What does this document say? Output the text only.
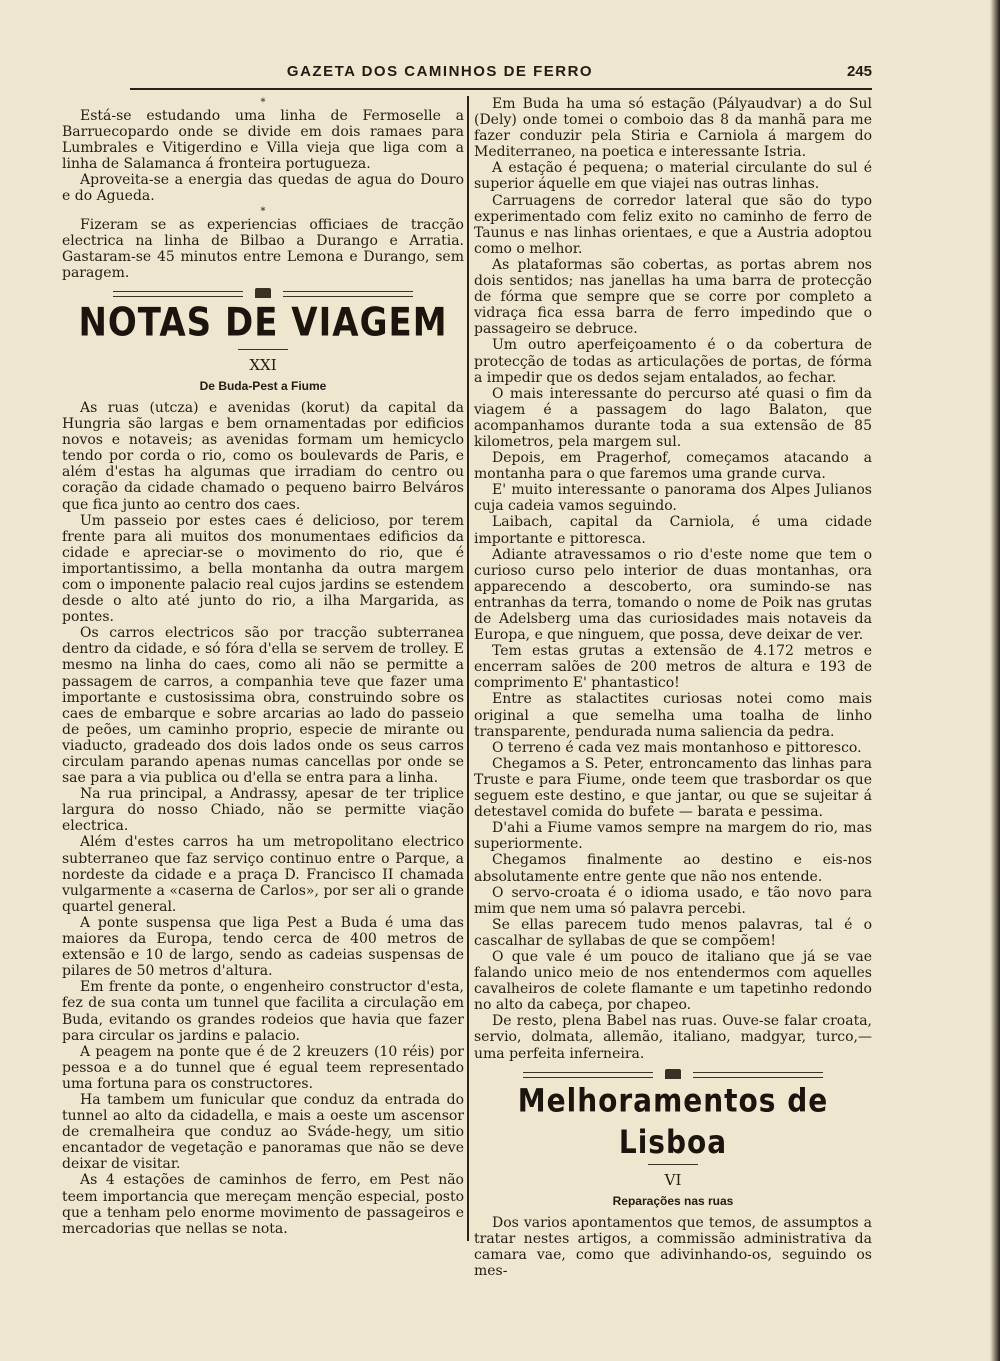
GAZETA DOS CAMINHOS DE FERRO	245
*

Está-se estudando uma linha de Fermoselle a Barruecopardo onde se divide em dois ramaes para Lumbrales e Vitigerdino e Villa vieja que liga com a linha de Salamanca á fronteira portugueza.

Aproveita-se a energia das quedas de agua do Douro e do Agueda.

*

Fizeram se as experiencias officiaes de tracção electrica na linha de Bilbao a Durango e Arratia. Gastaram-se 45 minutos entre Lemona e Durango, sem paragem.

NOTAS DE VIAGEM
XXI
De Buda-Pest a Fiume

As ruas (utcza) e avenidas (korut) da capital da Hungria são largas e bem ornamentadas por edificios novos e notaveis; as avenidas formam um hemicyclo tendo por corda o rio, como os boulevards de Paris, e além d'estas ha algumas que irradiam do centro ou coração da cidade chamado o pequeno bairro Belváros que fica junto ao centro dos caes.

Um passeio por estes caes é delicioso, por terem frente para ali muitos dos monumentaes edificios da cidade e apreciar-se o movimento do rio, que é importantissimo, a bella montanha da outra margem com o imponente palacio real cujos jardins se estendem desde o alto até junto do rio, a ilha Margarida, as pontes.

Os carros electricos são por tracção subterranea dentro da cidade, e só fóra d'ella se servem de trolley. E mesmo na linha do caes, como ali não se permitte a passagem de carros, a companhia teve que fazer uma importante e custosissima obra, construindo sobre os caes de embarque e sobre arcarias ao lado do passeio de peões, um caminho proprio, especie de mirante ou viaducto, gradeado dos dois lados onde os seus carros circulam parando apenas numas cancellas por onde se sae para a via publica ou d'ella se entra para a linha.

Na rua principal, a Andrassy, apesar de ter triplice largura do nosso Chiado, não se permitte viação electrica.

Além d'estes carros ha um metropolitano electrico subterraneo que faz serviço continuo entre o Parque, a nordeste da cidade e a praça D. Francisco II chamada vulgarmente a «caserna de Carlos», por ser ali o grande quartel general.

A ponte suspensa que liga Pest a Buda é uma das maiores da Europa, tendo cerca de 400 metros de extensão e 10 de largo, sendo as cadeias suspensas de pilares de 50 metros d'altura.

Em frente da ponte, o engenheiro constructor d'esta, fez de sua conta um tunnel que facilita a circulação em Buda, evitando os grandes rodeios que havia que fazer para circular os jardins e palacio.

A peagem na ponte que é de 2 kreuzers (10 réis) por pessoa e a do tunnel que é egual teem representado uma fortuna para os constructores.

Ha tambem um funicular que conduz da entrada do tunnel ao alto da cidadella, e mais a oeste um ascensor de cremalheira que conduz ao Sváde-hegy, um sitio encantador de vegetação e panoramas que não se deve deixar de visitar.

As 4 estações de caminhos de ferro, em Pest não teem importancia que mereçam menção especial, posto que a tenham pelo enorme movimento de passageiros e mercadorias que nellas se nota.

Em Buda ha uma só estação (Pályaudvar) a do Sul (Dely) onde tomei o comboio das 8 da manhã para me fazer conduzir pela Stiria e Carniola á margem do Mediterraneo, na poetica e interessante Istria.

A estação é pequena; o material circulante do sul é superior áquelle em que viajei nas outras linhas.

Carruagens de corredor lateral que são do typo experimentado com feliz exito no caminho de ferro de Taunus e nas linhas orientaes, e que a Austria adoptou como o melhor.

As plataformas são cobertas, as portas abrem nos dois sentidos; nas janellas ha uma barra de protecção de fórma que sempre que se corre por completo a vidraça fica essa barra de ferro impedindo que o passageiro se debruce.

Um outro aperfeiçoamento é o da cobertura de protecção de todas as articulações de portas, de fórma a impedir que os dedos sejam entalados, ao fechar.

O mais interessante do percurso até quasi o fim da viagem é a passagem do lago Balaton, que acompanhamos durante toda a sua extensão de 85 kilometros, pela margem sul.

Depois, em Pragerhof, começamos atacando a montanha para o que faremos uma grande curva.

E' muito interessante o panorama dos Alpes Julianos cuja cadeia vamos seguindo.

Laibach, capital da Carniola, é uma cidade importante e pittoresca.

Adiante atravessamos o rio d'este nome que tem o curioso curso pelo interior de duas montanhas, ora apparecendo a descoberto, ora sumindo-se nas entranhas da terra, tomando o nome de Poik nas grutas de Adelsberg uma das curiosidades mais notaveis da Europa, e que ninguem, que possa, deve deixar de ver.

Tem estas grutas a extensão de 4.172 metros e encerram salões de 200 metros de altura e 193 de comprimento E' phantastico!

Entre as stalactites curiosas notei como mais original a que semelha uma toalha de linho transparente, pendurada numa saliencia da pedra.

O terreno é cada vez mais montanhoso e pittoresco.

Chegamos a S. Peter, entroncamento das linhas para Truste e para Fiume, onde teem que trasbordar os que seguem este destino, e que jantar, ou que se sujeitar á detestavel comida do bufete — barata e pessima.

D'ahi a Fiume vamos sempre na margem do rio, mas superiormente.

Chegamos finalmente ao destino e eis-nos absolutamente entre gente que não nos entende.

O servo-croata é o idioma usado, e tão novo para mim que nem uma só palavra percebi.

Se ellas parecem tudo menos palavras, tal é o cascalhar de syllabas de que se compõem!

O que vale é um pouco de italiano que já se vae falando unico meio de nos entendermos com aquelles cavalheiros de colete flamante e um tapetinho redondo no alto da cabeça, por chapeo.

De resto, plena Babel nas ruas. Ouve-se falar croata, servio, dolmata, allemão, italiano, madgyar, turco,—uma perfeita inferneira.

Melhoramentos de Lisboa
VI
Reparações nas ruas

Dos varios apontamentos que temos, de assumptos a tratar nestes artigos, a commissão administrativa da camara vae, como que adivinhando-os, seguindo os mes-
